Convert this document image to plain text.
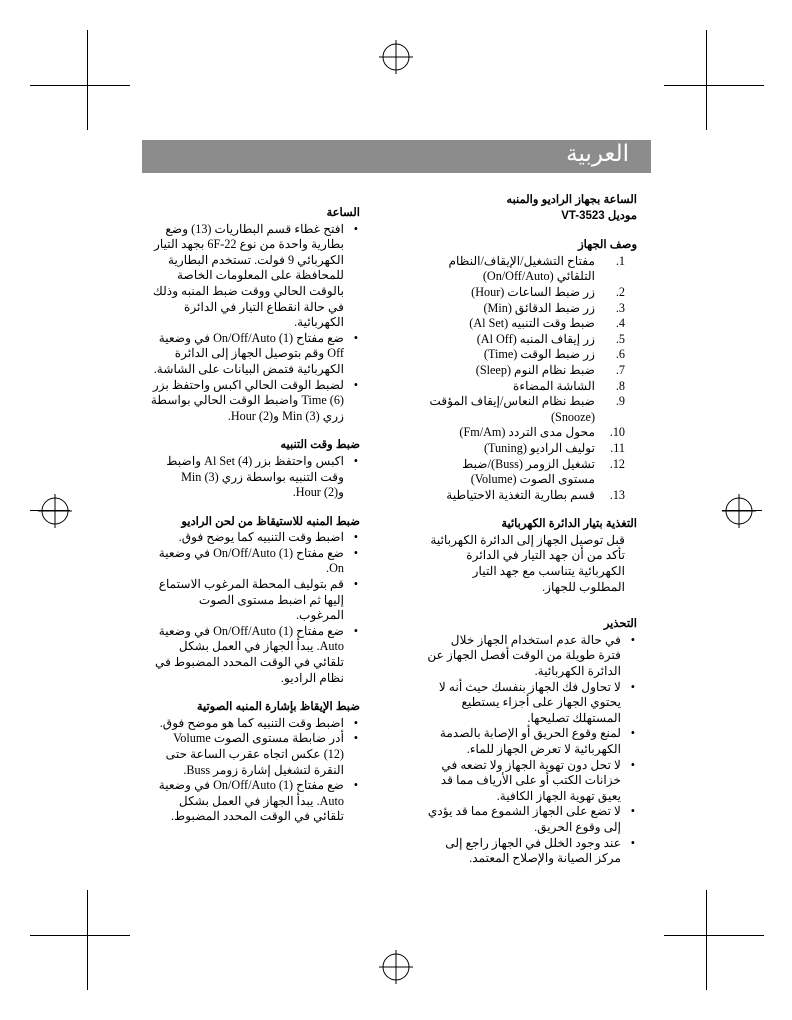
العربية
الساعة بجهاز الراديو والمنبه
موديل VT-3523
وصف الجهاز
1.
مفتاح التشغيل/الإيقاف/النظام التلقائي (On/Off/Auto)
2.
زر ضبط الساعات (Hour)
3.
زر ضبط الدقائق (Min)
4.
ضبط وقت التنبيه (Al Set)
5.
زر إيقاف المنبه (Al Off)
6.
زر ضبط الوقت (Time)
7.
ضبط نظام النوم (Sleep)
8.
الشاشة المضاءة
9.
ضبط نظام النعاس/إيقاف المؤقت (Snooze)
10.
محول مدى التردد (Fm/Am)
11.
توليف الراديو (Tuning)
12.
تشغيل الزومر (Buss)/ضبط مستوى الصوت (Volume)
13.
قسم بطارية التغذية الاحتياطية
التغذية بتيار الدائرة الكهربائية
قبل توصيل الجهاز إلى الدائرة الكهربائية تأكد من أن جهد التيار في الدائرة الكهربائية يتناسب مع جهد التيار المطلوب للجهاز.
التحذير
• في حالة عدم استخدام الجهاز خلال فترة طويلة من الوقت أفصل الجهاز عن الدائرة الكهربائية.
• لا تحاول فك الجهاز بنفسك حيث أنه لا يحتوي الجهاز على أجزاء يستطيع المستهلك تصليحها.
• لمنع وقوع الحريق أو الإصابة بالصدمة الكهربائية لا تعرض الجهاز للماء.
• لا تحل دون تهوية الجهاز ولا تضعه في خزانات الكتب أو على الأرياف مما قد يعيق تهوية الجهاز الكافية.
• لا تضع على الجهاز الشموع مما قد يؤدي إلى وقوع الحريق.
• عند وجود الخلل في الجهاز راجع إلى مركز الصيانة والإصلاح المعتمد.
الساعة
• افتح غطاء قسم البطاريات (13) وضع بطارية واحدة من نوع 6F-22 بجهد التيار الكهربائي 9 فولت. تستخدم البطارية للمحافظة على المعلومات الخاصة بالوقت الحالي ووقت ضبط المنبه وذلك في حالة انقطاع التيار في الدائرة الكهربائية.
• ضع مفتاح On/Off/Auto (1) في وضعية Off وقم بتوصيل الجهاز إلى الدائرة الكهربائية فتمض البيانات على الشاشة.
• لضبط الوقت الحالي اكبس واحتفظ بزر Time (6) واضبط الوقت الحالي بواسطة زري Min (3) وHour (2).
ضبط وقت التنبيه
• اكبس واحتفظ بزر Al Set (4) واضبط وقت التنبيه بواسطة زري Min (3) وHour (2).
ضبط المنبه للاستيقاظ من لحن الراديو
• اضبط وقت التنبيه كما يوضح فوق.
• ضع مفتاح On/Off/Auto (1) في وضعية On.
• قم بتوليف المحطة المرغوب الاستماع إليها ثم اضبط مستوى الصوت المرغوب.
• ضع مفتاح On/Off/Auto (1) في وضعية Auto. يبدأ الجهاز في العمل بشكل تلقائي في الوقت المحدد المضبوط في نظام الراديو.
ضبط الإيقاظ بإشارة المنبه الصوتية
• اضبط وقت التنبيه كما هو موضح فوق.
• أدر ضابطة مستوى الصوت Volume (12) عكس اتجاه عقرب الساعة حتى النقرة لتشغيل إشارة زومر Buss.
• ضع مفتاح On/Off/Auto (1) في وضعية Auto. يبدأ الجهاز في العمل بشكل تلقائي في الوقت المحدد المضبوط.
